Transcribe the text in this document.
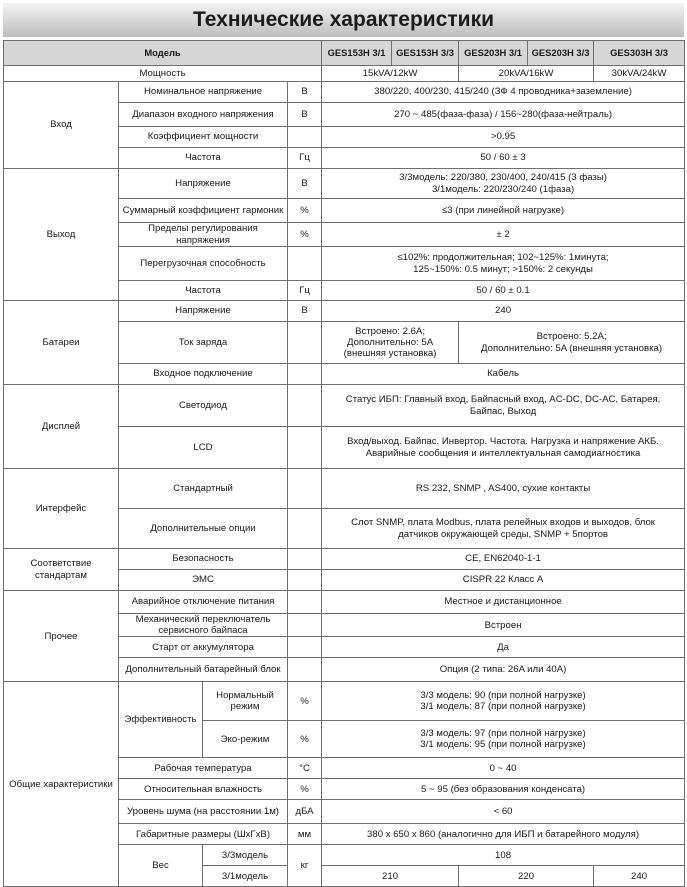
Технические характеристики
Модель				GES153H 3/1	GES153H 3/3	GES203H 3/1	GES203H 3/3	GES303H 3/3
Мощность				15kVA/12kW		20kVA/16kW		30kVA/24kW
Вход	Номинальное напряжение		В	380/220, 400/230, 415/240 (ЗФ 4 проводника+заземление)				
	Диапазон входного напряжения		В	270 ~ 485(фаза-фаза) / 156~280(фаза-нейтраль)				
	Коэффициент мощности			>0.95				
	Частота		Гц	50 / 60 ± 3				
Выход	Напряжение		В	3/3модель: 220/380, 230/400, 240/415 (3 фазы)
3/1модель: 220/230/240 (1фаза)				
	Суммарный коэффициент гармоник		%	≤3 (при линейной нагрузке)				
	Пределы регулирования напряжения		%	± 2				
	Перегрузочная способность			≤102%: продолжительная; 102~125%: 1минута;
125~150%: 0.5 минут; >150%: 2 секунды				
	Частота		Гц	50 / 60 ± 0.1				
Батареи	Напряжение		В	240				
	Ток заряда			Встроено: 2.6A;
Дополнительно: 5A
(внешняя установка)		Встроено: 5.2A;
Дополнительно: 5A (внешняя установка)		
	Входное подключение			Кабель				
Дисплей	Светодиод			Статус ИБП: Главный вход, Байпасный вход, AC-DC, DC-AC, Батарея,
Байпас, Выход				
	LCD			Вход/выход. Байпас. Инвертор. Частота. Нагрузка и напряжение АКБ.
Аварийные сообщения и интеллектуальная самодиагностика				
Интерфейс	Стандартный			RS 232, SNMP , AS400, сухие контакты				
	Дополнительные опции			Слот SNMP, плата Modbus, плата релейных входов и выходов, блок
датчиков окружающей среды, SNMP + 5портов				
Соответствие стандартам	Безопасность			CE, EN62040-1-1				
	ЭМС			CISPR 22 Класс A				
Прочее	Аварийное отключение питания			Местное и дистанционное				
	Механический переключатель сервисного байпаса			Встроен				
	Старт от аккумулятора			Да				
	Дополнительный батарейный блок			Опция (2 типа: 26A или 40A)				
Общие характеристики	Эффективность	Нормальный режим	%	3/3 модель: 90 (при полной нагрузке)
3/1 модель: 87 (при полной нагрузке)				
		Эко-режим	%	3/3 модель: 97 (при полной нагрузке)
3/1 модель: 95 (при полной нагрузке)				
	Рабочая температура		°C	0 ~ 40				
	Относительная влажность		%	5 ~ 95 (без образования конденсата)				
	Уровень шума (на расстоянии 1м)		дБА	< 60				
	Габаритные размеры (ШхГхВ)		мм	380 x 650 x 860 (аналогично для ИБП и батарейного модуля)				
	Вес	3/3модель	кг	108				
		3/1модель		210		220		240
